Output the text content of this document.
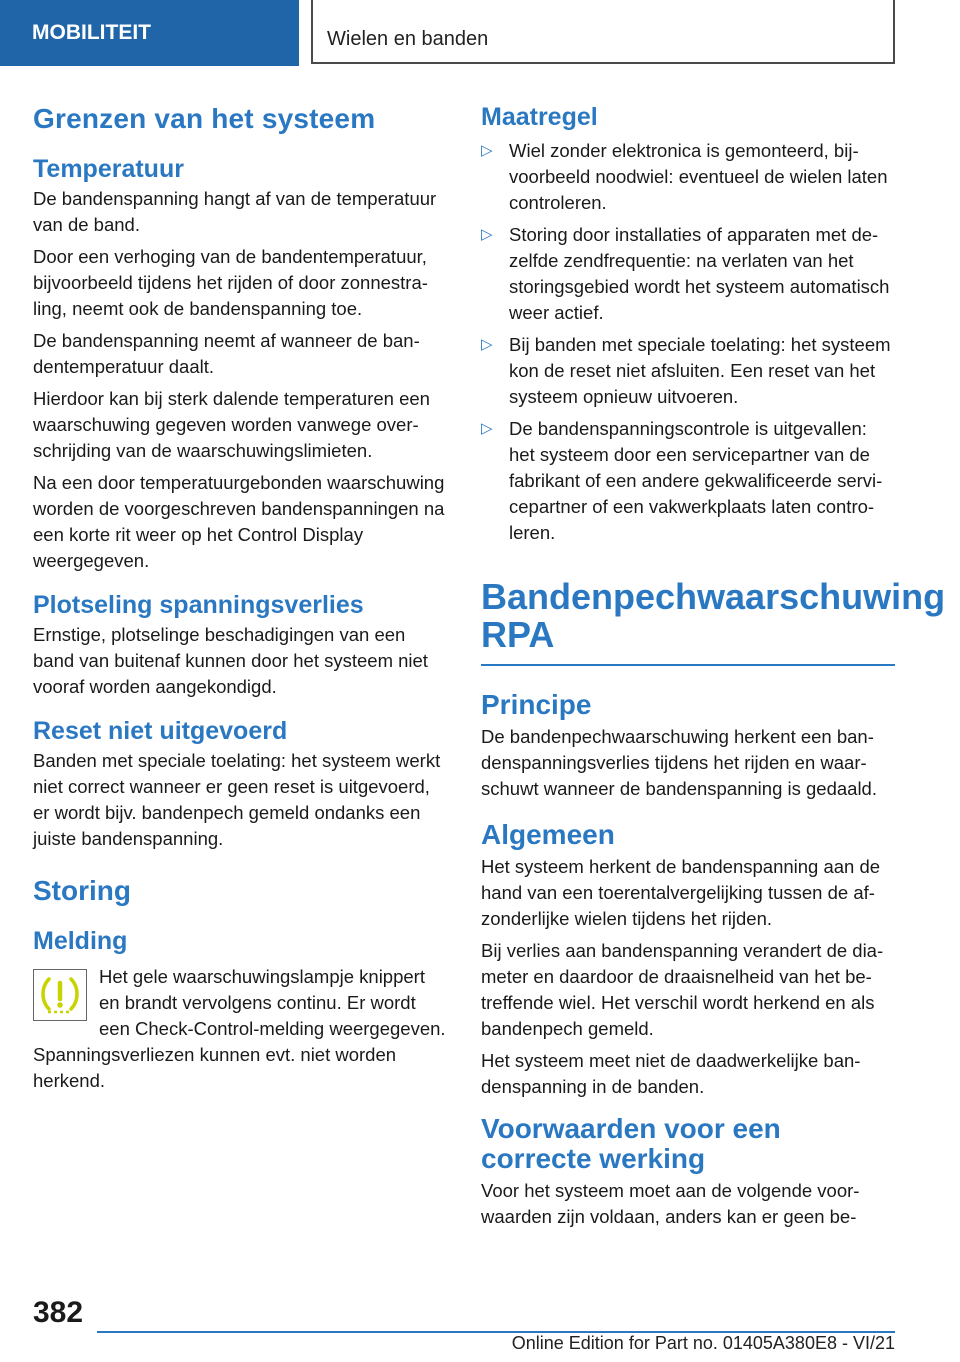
MOBILITEIT	Wielen en banden
Grenzen van het systeem
Temperatuur

De bandenspanning hangt af van de temperatuur van de band.

Door een verhoging van de bandentemperatuur, bijvoorbeeld tijdens het rijden of door zonnestraling, neemt ook de bandenspanning toe.

De bandenspanning neemt af wanneer de bandentemperatuur daalt.

Hierdoor kan bij sterk dalende temperaturen een waarschuwing gegeven worden vanwege overschrijding van de waarschuwingslimieten.

Na een door temperatuurgebonden waarschuwing worden de voorgeschreven bandenspanningen na een korte rit weer op het Control Display weergegeven.

Plotseling spanningsverlies

Ernstige, plotselinge beschadigingen van een band van buitenaf kunnen door het systeem niet vooraf worden aangekondigd.

Reset niet uitgevoerd

Banden met speciale toelating: het systeem werkt niet correct wanneer er geen reset is uitgevoerd, er wordt bijv. bandenpech gemeld ondanks een juiste bandenspanning.

Storing
Melding

Het gele waarschuwingslampje knippert en brandt vervolgens continu. Er wordt een Check-Control-melding weergegeven. Spanningsverliezen kunnen evt. niet worden herkend.

Maatregel
▷ Wiel zonder elektronica is gemonteerd, bijvoorbeeld noodwiel: eventueel de wielen laten controleren.
▷ Storing door installaties of apparaten met dezelfde zendfrequentie: na verlaten van het storingsgebied wordt het systeem automatisch weer actief.
▷ Bij banden met speciale toelating: het systeem kon de reset niet afsluiten. Een reset van het systeem opnieuw uitvoeren.
▷ De bandenspanningscontrole is uitgevallen: het systeem door een servicepartner van de fabrikant of een andere gekwalificeerde servicepartner of een vakwerkplaats laten controleren.
Bandenpechwaarschuwing
RPA
Principe

De bandenpechwaarschuwing herkent een bandenspanningsverlies tijdens het rijden en waarschuwt wanneer de bandenspanning is gedaald.

Algemeen

Het systeem herkent de bandenspanning aan de hand van een toerentalvergelijking tussen de afzonderlijke wielen tijdens het rijden.

Bij verlies aan bandenspanning verandert de diameter en daardoor de draaisnelheid van het betreffende wiel. Het verschil wordt herkend en als bandenpech gemeld.

Het systeem meet niet de daadwerkelijke bandenspanning in de banden.

Voorwaarden voor een correcte werking

Voor het systeem moet aan de volgende voorwaarden zijn voldaan, anders kan er geen be-

382
Online Edition for Part no. 01405A380E8 - VI/21
